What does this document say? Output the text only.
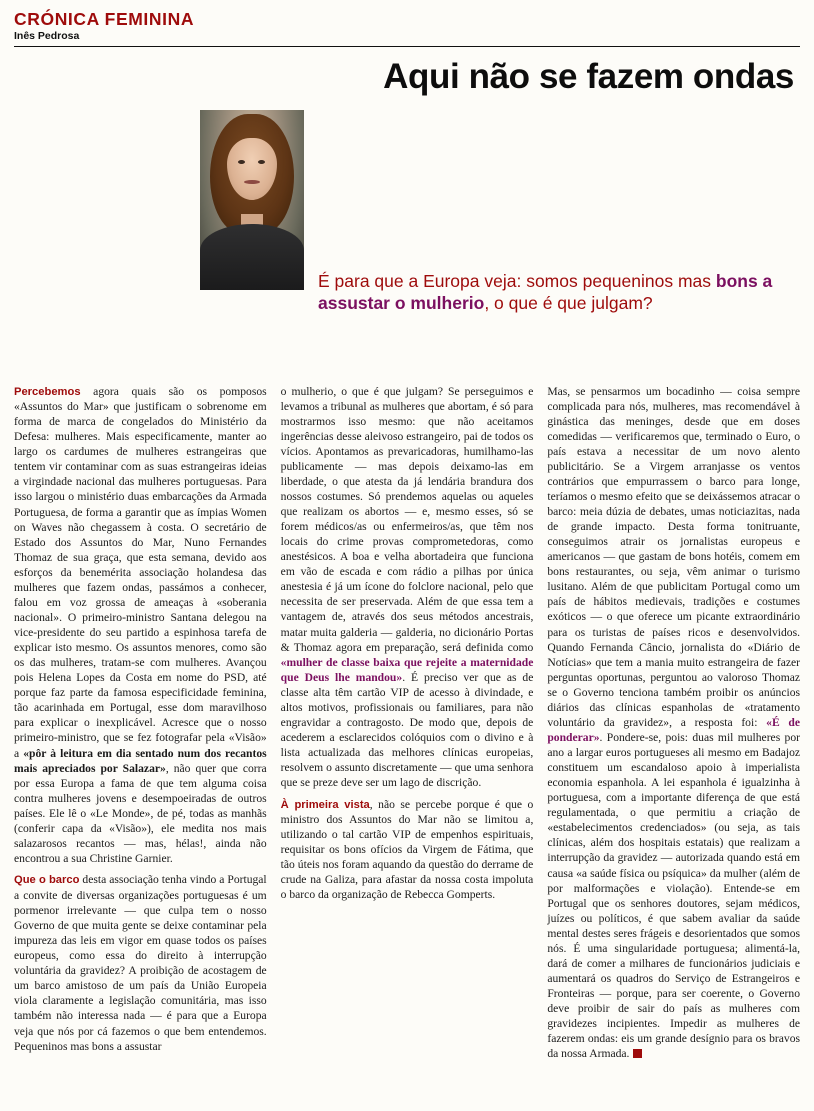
CRÓNICA FEMININA
Inês Pedrosa
Aqui não se fazem ondas
É para que a Europa veja: somos pequeninos mas bons a assustar o mulherio, o que é que julgam?

Percebemos agora quais são os pomposos «Assuntos do Mar» que justificam o sobrenome em forma de marca de congelados do Ministério da Defesa: mulheres. Mais especificamente, manter ao largo os cardumes de mulheres estrangeiras que tentem vir contaminar com as suas estrangeiras ideias a virgindade nacional das mulheres portuguesas. Para isso largou o ministério duas embarcações da Armada Portuguesa, de forma a garantir que as ímpias Women on Waves não chegassem à costa. O secretário de Estado dos Assuntos do Mar, Nuno Fernandes Thomaz de sua graça, que esta semana, devido aos esforços da benemérita associação holandesa das mulheres que fazem ondas, passámos a conhecer, falou em voz grossa de ameaças à «soberania nacional». O primeiro-ministro Santana delegou na vice-presidente do seu partido a espinhosa tarefa de explicar isto mesmo. Os assuntos menores, como são os das mulheres, tratam-se com mulheres. Avançou pois Helena Lopes da Costa em nome do PSD, até porque faz parte da famosa especificidade feminina, tão acarinhada em Portugal, esse dom maravilhoso para explicar o inexplicável. Acresce que o nosso primeiro-ministro, que se fez fotografar pela «Visão» a «pôr à leitura em dia sentado num dos recantos mais apreciados por Salazar», não quer que corra por essa Europa a fama de que tem alguma coisa contra mulheres jovens e desempoeiradas de outros países. Ele lê o «Le Monde», de pé, todas as manhãs (conferir capa da «Visão»), ele medita nos mais salazarosos recantos — mas, hélas!, ainda não encontrou a sua Christine Garnier.

Que o barco desta associação tenha vindo a Portugal a convite de diversas organizações portuguesas é um pormenor irrelevante — que culpa tem o nosso Governo de que muita gente se deixe contaminar pela impureza das leis em vigor em quase todos os países europeus, como essa do direito à interrupção voluntária da gravidez? A proibição de acostagem de um barco amistoso de um país da União Europeia viola claramente a legislação comunitária, mas isso também não interessa nada — é para que a Europa veja que nós por cá fazemos o que bem entendemos. Pequeninos mas bons a assustar

o mulherio, o que é que julgam? Se perseguimos e levamos a tribunal as mulheres que abortam, é só para mostrarmos isso mesmo: que não aceitamos ingerências desse aleivoso estrangeiro, pai de todos os vícios. Apontamos as prevaricadoras, humilhamo-las publicamente — mas depois deixamo-las em liberdade, o que atesta da já lendária brandura dos nossos costumes. Só prendemos aquelas ou aqueles que realizam os abortos — e, mesmo esses, só se forem médicos/as ou enfermeiros/as, que têm nos locais do crime provas comprometedoras, como anestésicos. A boa e velha abortadeira que funciona em vão de escada e com rádio a pilhas por única anestesia é já um ícone do folclore nacional, pelo que necessita de ser preservada. Além de que essa tem a vantagem de, através dos seus métodos ancestrais, matar muita galderia — galderia, no dicionário Portas & Thomaz agora em preparação, será definida como «mulher de classe baixa que rejeite a maternidade que Deus lhe mandou». É preciso ver que as de classe alta têm cartão VIP de acesso à divindade, e altos motivos, profissionais ou familiares, para não engravidar a contragosto. De modo que, depois de acederem a esclarecidos colóquios com o divino e à lista actualizada das melhores clínicas europeias, resolvem o assunto discretamente — que uma senhora que se preze deve ser um lago de discrição.

À primeira vista, não se percebe porque é que o ministro dos Assuntos do Mar não se limitou a, utilizando o tal cartão VIP de empenhos espirituais, requisitar os bons ofícios da Virgem de Fátima, que tão úteis nos foram aquando da questão do derrame de crude na Galiza, para afastar da nossa costa impoluta o barco da organização de Rebecca Gomperts.

Mas, se pensarmos um bocadinho — coisa sempre complicada para nós, mulheres, mas recomendável à ginástica das meninges, desde que em doses comedidas — verificaremos que, terminado o Euro, o país estava a necessitar de um novo alento publicitário. Se a Virgem arranjasse os ventos contrários que empurrassem o barco para longe, teríamos o mesmo efeito que se deixássemos atracar o barco: meia dúzia de debates, umas noticiazitas, nada de grande impacto. Desta forma tonitruante, conseguimos atrair os jornalistas europeus e americanos — que gastam de bons hotéis, comem em bons restaurantes, ou seja, vêm animar o turismo lusitano. Além de que publicitam Portugal como um país de hábitos medievais, tradições e costumes exóticos — o que oferece um picante extraordinário para os turistas de países ricos e desenvolvidos. Quando Fernanda Câncio, jornalista do «Diário de Notícias» que tem a mania muito estrangeira de fazer perguntas oportunas, perguntou ao valoroso Thomaz se o Governo tenciona também proibir os anúncios diários das clínicas espanholas de «tratamento voluntário da gravidez», a resposta foi: «É de ponderar». Pondere-se, pois: duas mil mulheres por ano a largar euros portugueses ali mesmo em Badajoz constituem um escandaloso apoio à imperialista economia espanhola. A lei espanhola é igualzinha à portuguesa, com a importante diferença de que está regulamentada, o que permitiu a criação de «estabelecimentos credenciados» (ou seja, as tais clínicas, além dos hospitais estatais) que realizam a interrupção da gravidez — autorizada quando está em causa «a saúde física ou psíquica» da mulher (além de por malformações e violação). Entende-se em Portugal que os senhores doutores, sejam médicos, juízes ou políticos, é que sabem avaliar da saúde mental destes seres frágeis e desorientados que somos nós. É uma singularidade portuguesa; alimentá-la, dará de comer a milhares de funcionários judiciais e aumentará os quadros do Serviço de Estrangeiros e Fronteiras — porque, para ser coerente, o Governo deve proibir de sair do país as mulheres com gravidezes incipientes. Impedir as mulheres de fazerem ondas: eis um grande desígnio para os bravos da nossa Armada.
